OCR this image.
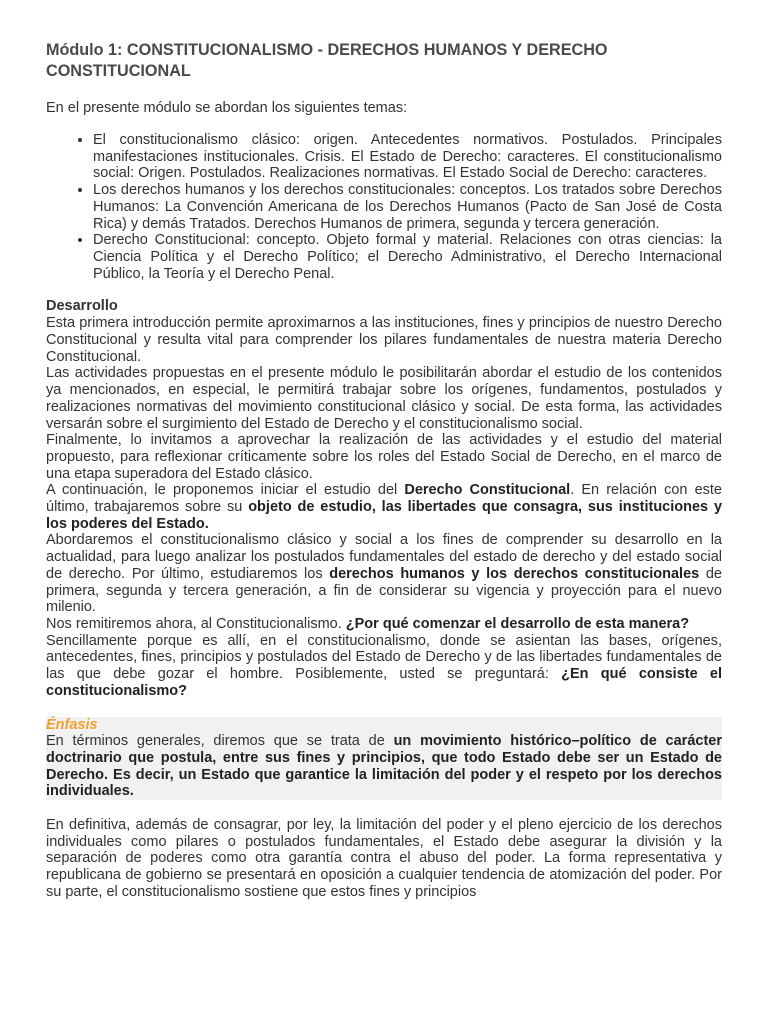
Módulo 1: CONSTITUCIONALISMO - DERECHOS HUMANOS Y DERECHO CONSTITUCIONAL

En el presente módulo se abordan los siguientes temas:

• El constitucionalismo clásico: origen. Antecedentes normativos. Postulados. Principales manifestaciones institucionales. Crisis. El Estado de Derecho: caracteres. El constitucionalismo social: Origen. Postulados. Realizaciones normativas. El Estado Social de Derecho: caracteres.
• Los derechos humanos y los derechos constitucionales: conceptos. Los tratados sobre Derechos Humanos: La Convención Americana de los Derechos Humanos (Pacto de San José de Costa Rica) y demás Tratados. Derechos Humanos de primera, segunda y tercera generación.
• Derecho Constitucional: concepto. Objeto formal y material. Relaciones con otras ciencias: la Ciencia Política y el Derecho Político; el Derecho Administrativo, el Derecho Internacional Público, la Teoría y el Derecho Penal.
Desarrollo

Esta primera introducción permite aproximarnos a las instituciones, fines y principios de nuestro Derecho Constitucional y resulta vital para comprender los pilares fundamentales de nuestra materia Derecho Constitucional.

Las actividades propuestas en el presente módulo le posibilitarán abordar el estudio de los contenidos ya mencionados, en especial, le permitirá trabajar sobre los orígenes, fundamentos, postulados y realizaciones normativas del movimiento constitucional clásico y social. De esta forma, las actividades versarán sobre el surgimiento del Estado de Derecho y el constitucionalismo social.

Finalmente, lo invitamos a aprovechar la realización de las actividades y el estudio del material propuesto, para reflexionar críticamente sobre los roles del Estado Social de Derecho, en el marco de una etapa superadora del Estado clásico.

A continuación, le proponemos iniciar el estudio del Derecho Constitucional. En relación con este último, trabajaremos sobre su objeto de estudio, las libertades que consagra, sus instituciones y los poderes del Estado.

Abordaremos el constitucionalismo clásico y social a los fines de comprender su desarrollo en la actualidad, para luego analizar los postulados fundamentales del estado de derecho y del estado social de derecho. Por último, estudiaremos los derechos humanos y los derechos constitucionales de primera, segunda y tercera generación, a fin de considerar su vigencia y proyección para el nuevo milenio.

Nos remitiremos ahora, al Constitucionalismo. ¿Por qué comenzar el desarrollo de esta manera?

Sencillamente porque es allí, en el constitucionalismo, donde se asientan las bases, orígenes, antecedentes, fines, principios y postulados del Estado de Derecho y de las libertades fundamentales de las que debe gozar el hombre. Posiblemente, usted se preguntará: ¿En qué consiste el constitucionalismo?

Énfasis
En términos generales, diremos que se trata de un movimiento histórico–político de carácter doctrinario que postula, entre sus fines y principios, que todo Estado debe ser un Estado de Derecho. Es decir, un Estado que garantice la limitación del poder y el respeto por los derechos individuales.
En definitiva, además de consagrar, por ley, la limitación del poder y el pleno ejercicio de los derechos individuales como pilares o postulados fundamentales, el Estado debe asegurar la división y la separación de poderes como otra garantía contra el abuso del poder. La forma representativa y republicana de gobierno se presentará en oposición a cualquier tendencia de atomización del poder. Por su parte, el constitucionalismo sostiene que estos fines y principios
